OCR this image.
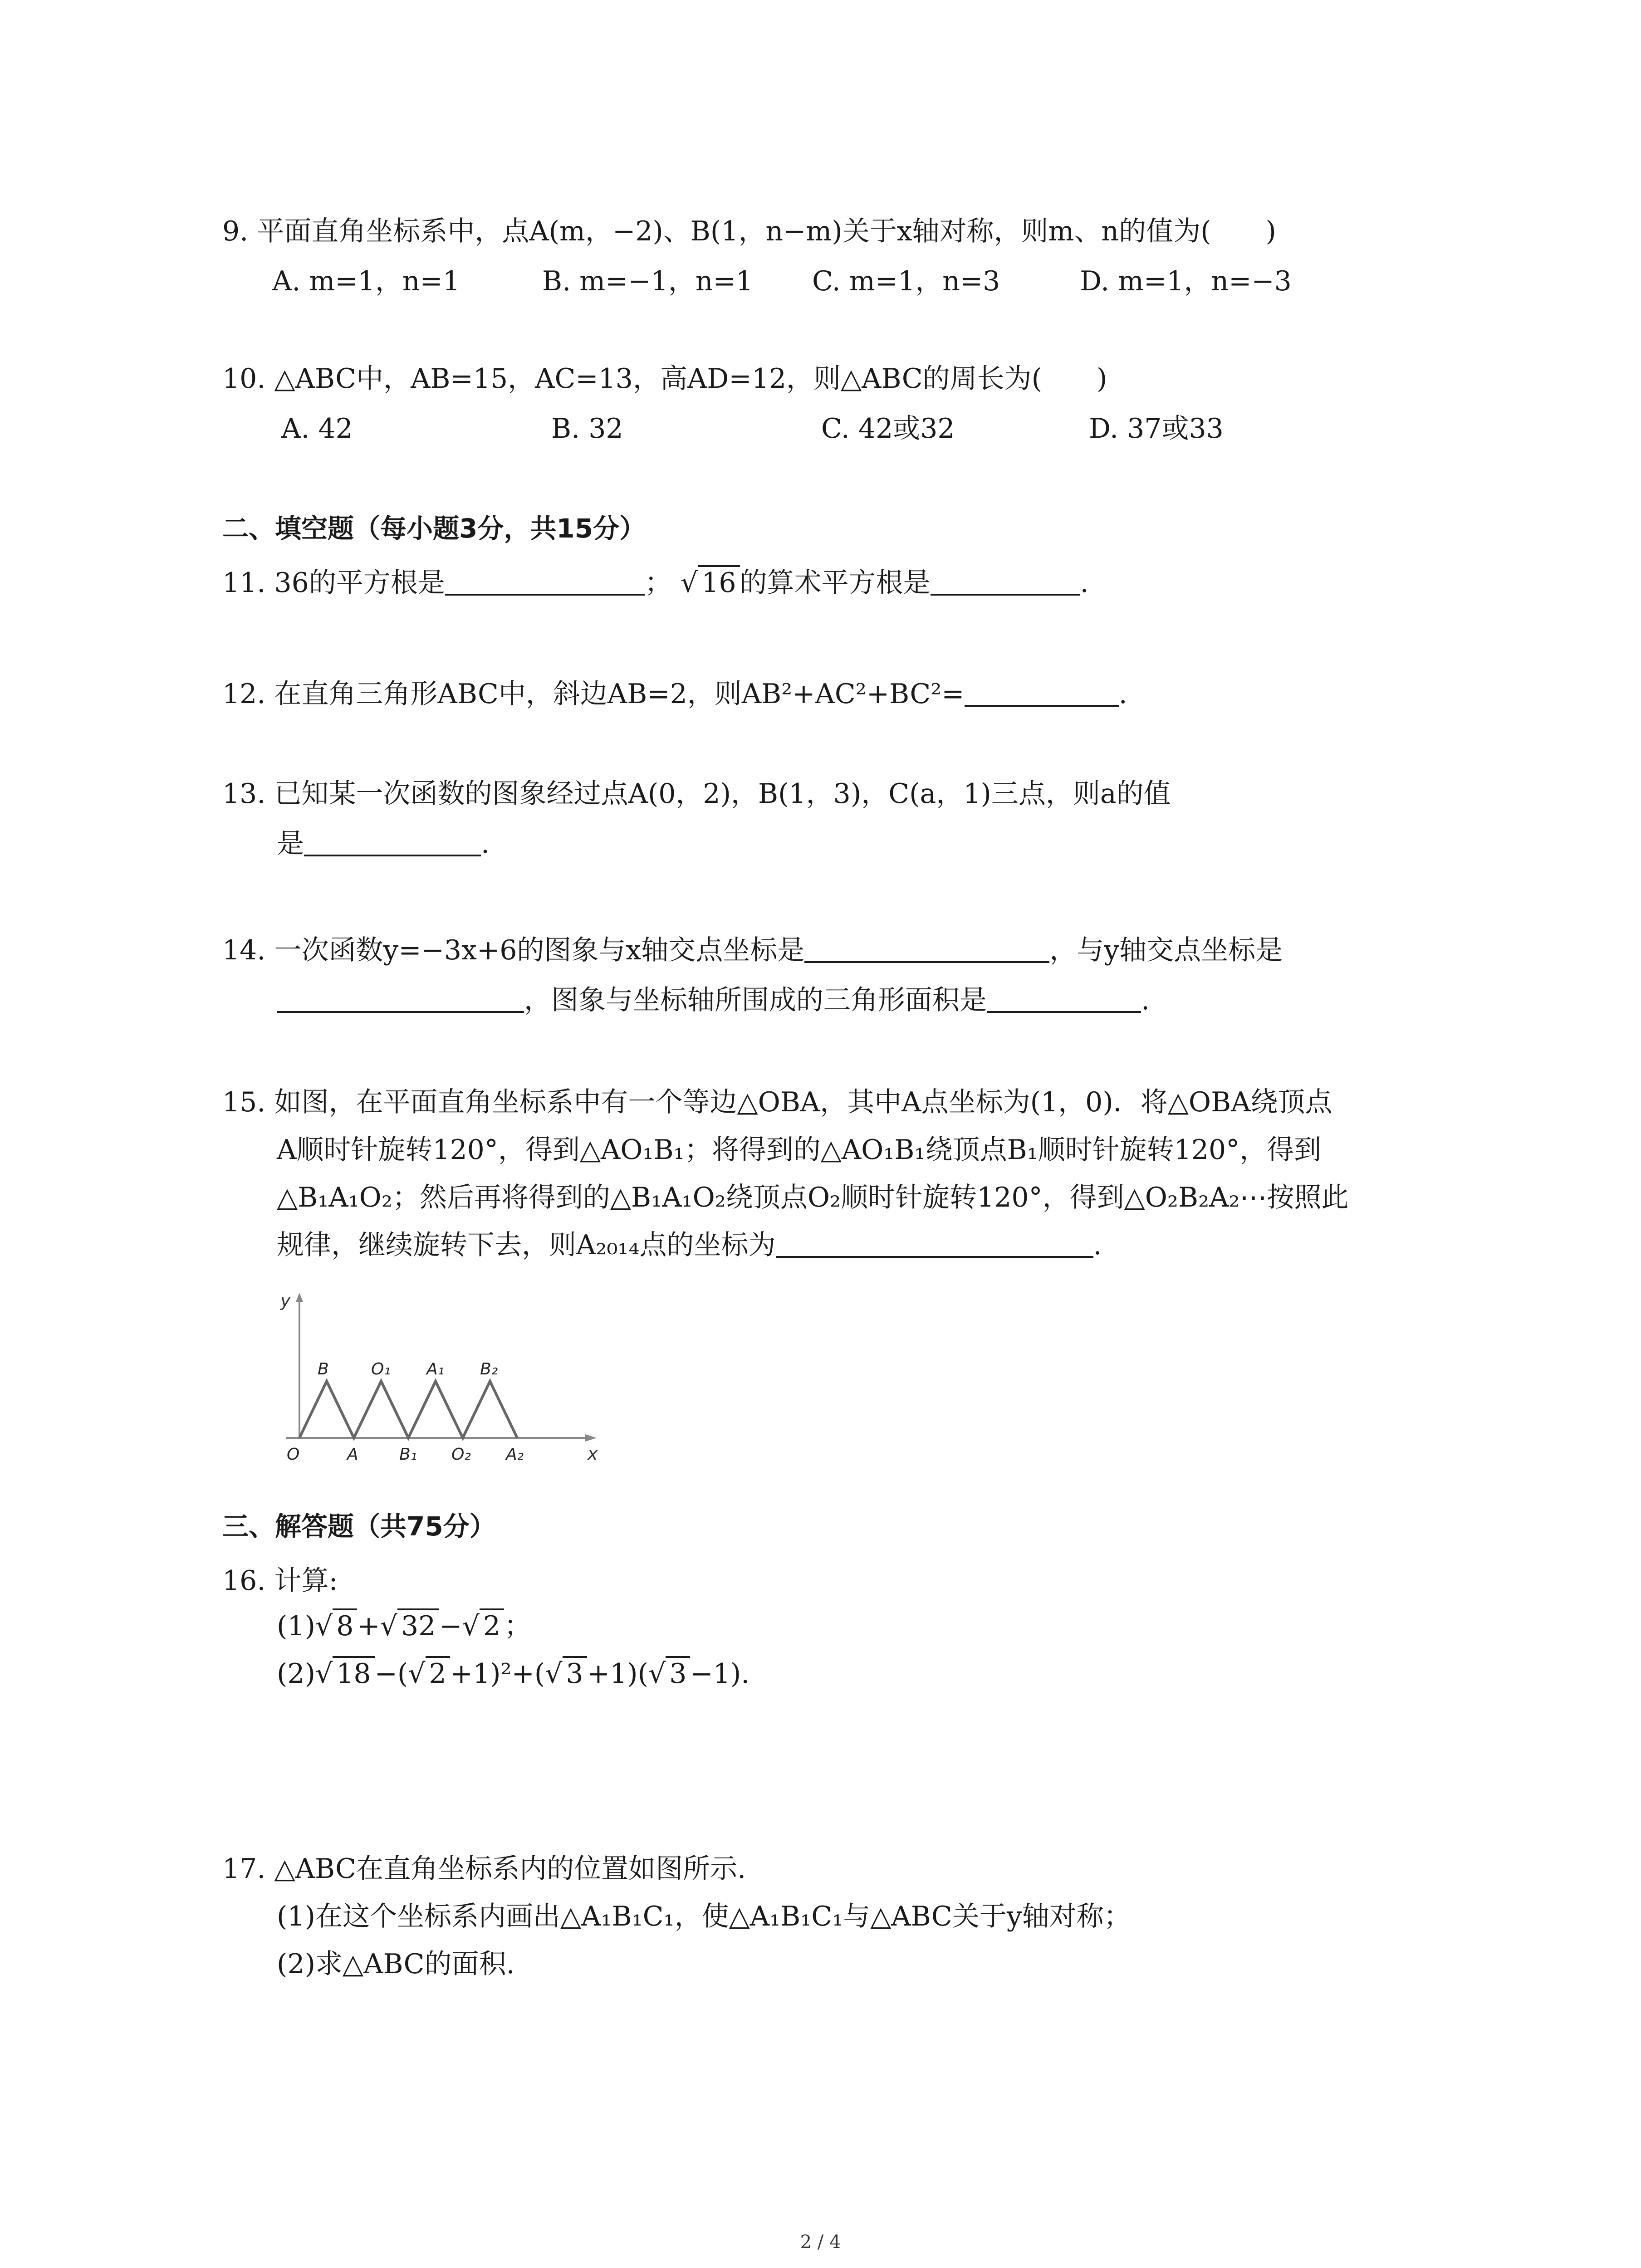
9. 平面直角坐标系中，点A(m，−2)、B(1，n−m)关于x轴对称，则m、n的值为(　　)
A. m=1，n=1	B. m=−1，n=1 C. m=1，n=3	D. m=1，n=−3
10. △ABC中，AB=15，AC=13，高AD=12，则△ABC的周长为(　　)
A. 42	B. 32	C. 42或32	D. 37或33
二、填空题（每小题3分，共15分）
11. 36的平方根是	； √ 16 的算术平方根是	.
12. 在直角三角形ABC中，斜边AB=2，则AB²+AC²+BC²=	.
13. 已知某一次函数的图象经过点A(0，2)，B(1，3)，C(a，1)三点，则a的值
是	.
14. 一次函数y=−3x+6的图象与x轴交点坐标是	，与y轴交点坐标是
，图象与坐标轴所围成的三角形面积是	.
15. 如图，在平面直角坐标系中有一个等边△OBA，其中A点坐标为(1，0)．将△OBA绕顶点
A顺时针旋转120°，得到△AO₁B₁；将得到的△AO₁B₁绕顶点B₁顺时针旋转120°，得到
△B₁A₁O₂；然后再将得到的△B₁A₁O₂绕顶点O₂顺时针旋转120°，得到△O₂B₂A₂⋯按照此
规律，继续旋转下去，则A₂₀₁₄点的坐标为	.
y
x
B	O₁ A₁ B₂
O	A	B₁ O₂ A₂
三、解答题（共75分）
16. 计算:
(1)√ 8 +√ 32 −√ 2 ；
(2)√ 18 −(√ 2 +1)²+(√ 3 +1)(√ 3 −1).
17. △ABC在直角坐标系内的位置如图所示.
(1)在这个坐标系内画出△A₁B₁C₁，使△A₁B₁C₁与△ABC关于y轴对称；
(2)求△ABC的面积.
2 / 4
